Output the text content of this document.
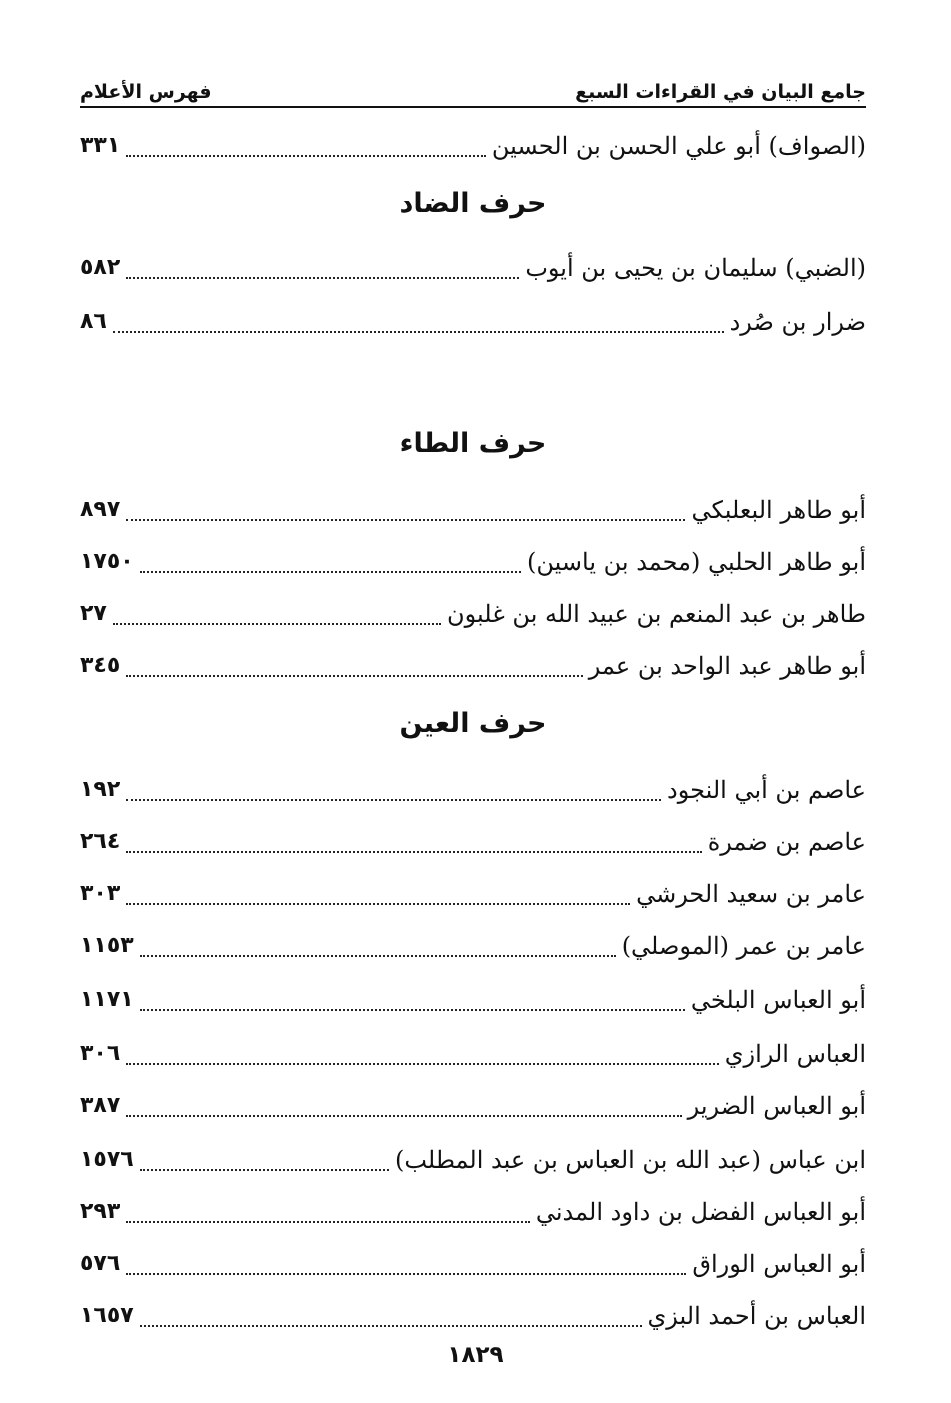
جامع البيان في القراءات السبع
فهرس الأعلام
(الصواف) أبو علي الحسن بن الحسين
٣٣١
حرف الضاد
(الضبي) سليمان بن يحيى بن أيوب
٥٨٢
ضرار بن صُرد
٨٦
حرف الطاء
أبو طاهر البعلبكي
٨٩٧
أبو طاهر الحلبي (محمد بن ياسين)
١٧٥٠
طاهر بن عبد المنعم بن عبيد الله بن غلبون
٢٧
أبو طاهر عبد الواحد بن عمر
٣٤٥
حرف العين
عاصم بن أبي النجود
١٩٢
عاصم بن ضمرة
٢٦٤
عامر بن سعيد الحرشي
٣٠٣
عامر بن عمر (الموصلي)
١١٥٣
أبو العباس البلخي
١١٧١
العباس الرازي
٣٠٦
أبو العباس الضرير
٣٨٧
ابن عباس (عبد الله بن العباس بن عبد المطلب)
١٥٧٦
أبو العباس الفضل بن داود المدني
٢٩٣
أبو العباس الوراق
٥٧٦
العباس بن أحمد البزي
١٦٥٧
١٨٢٩
